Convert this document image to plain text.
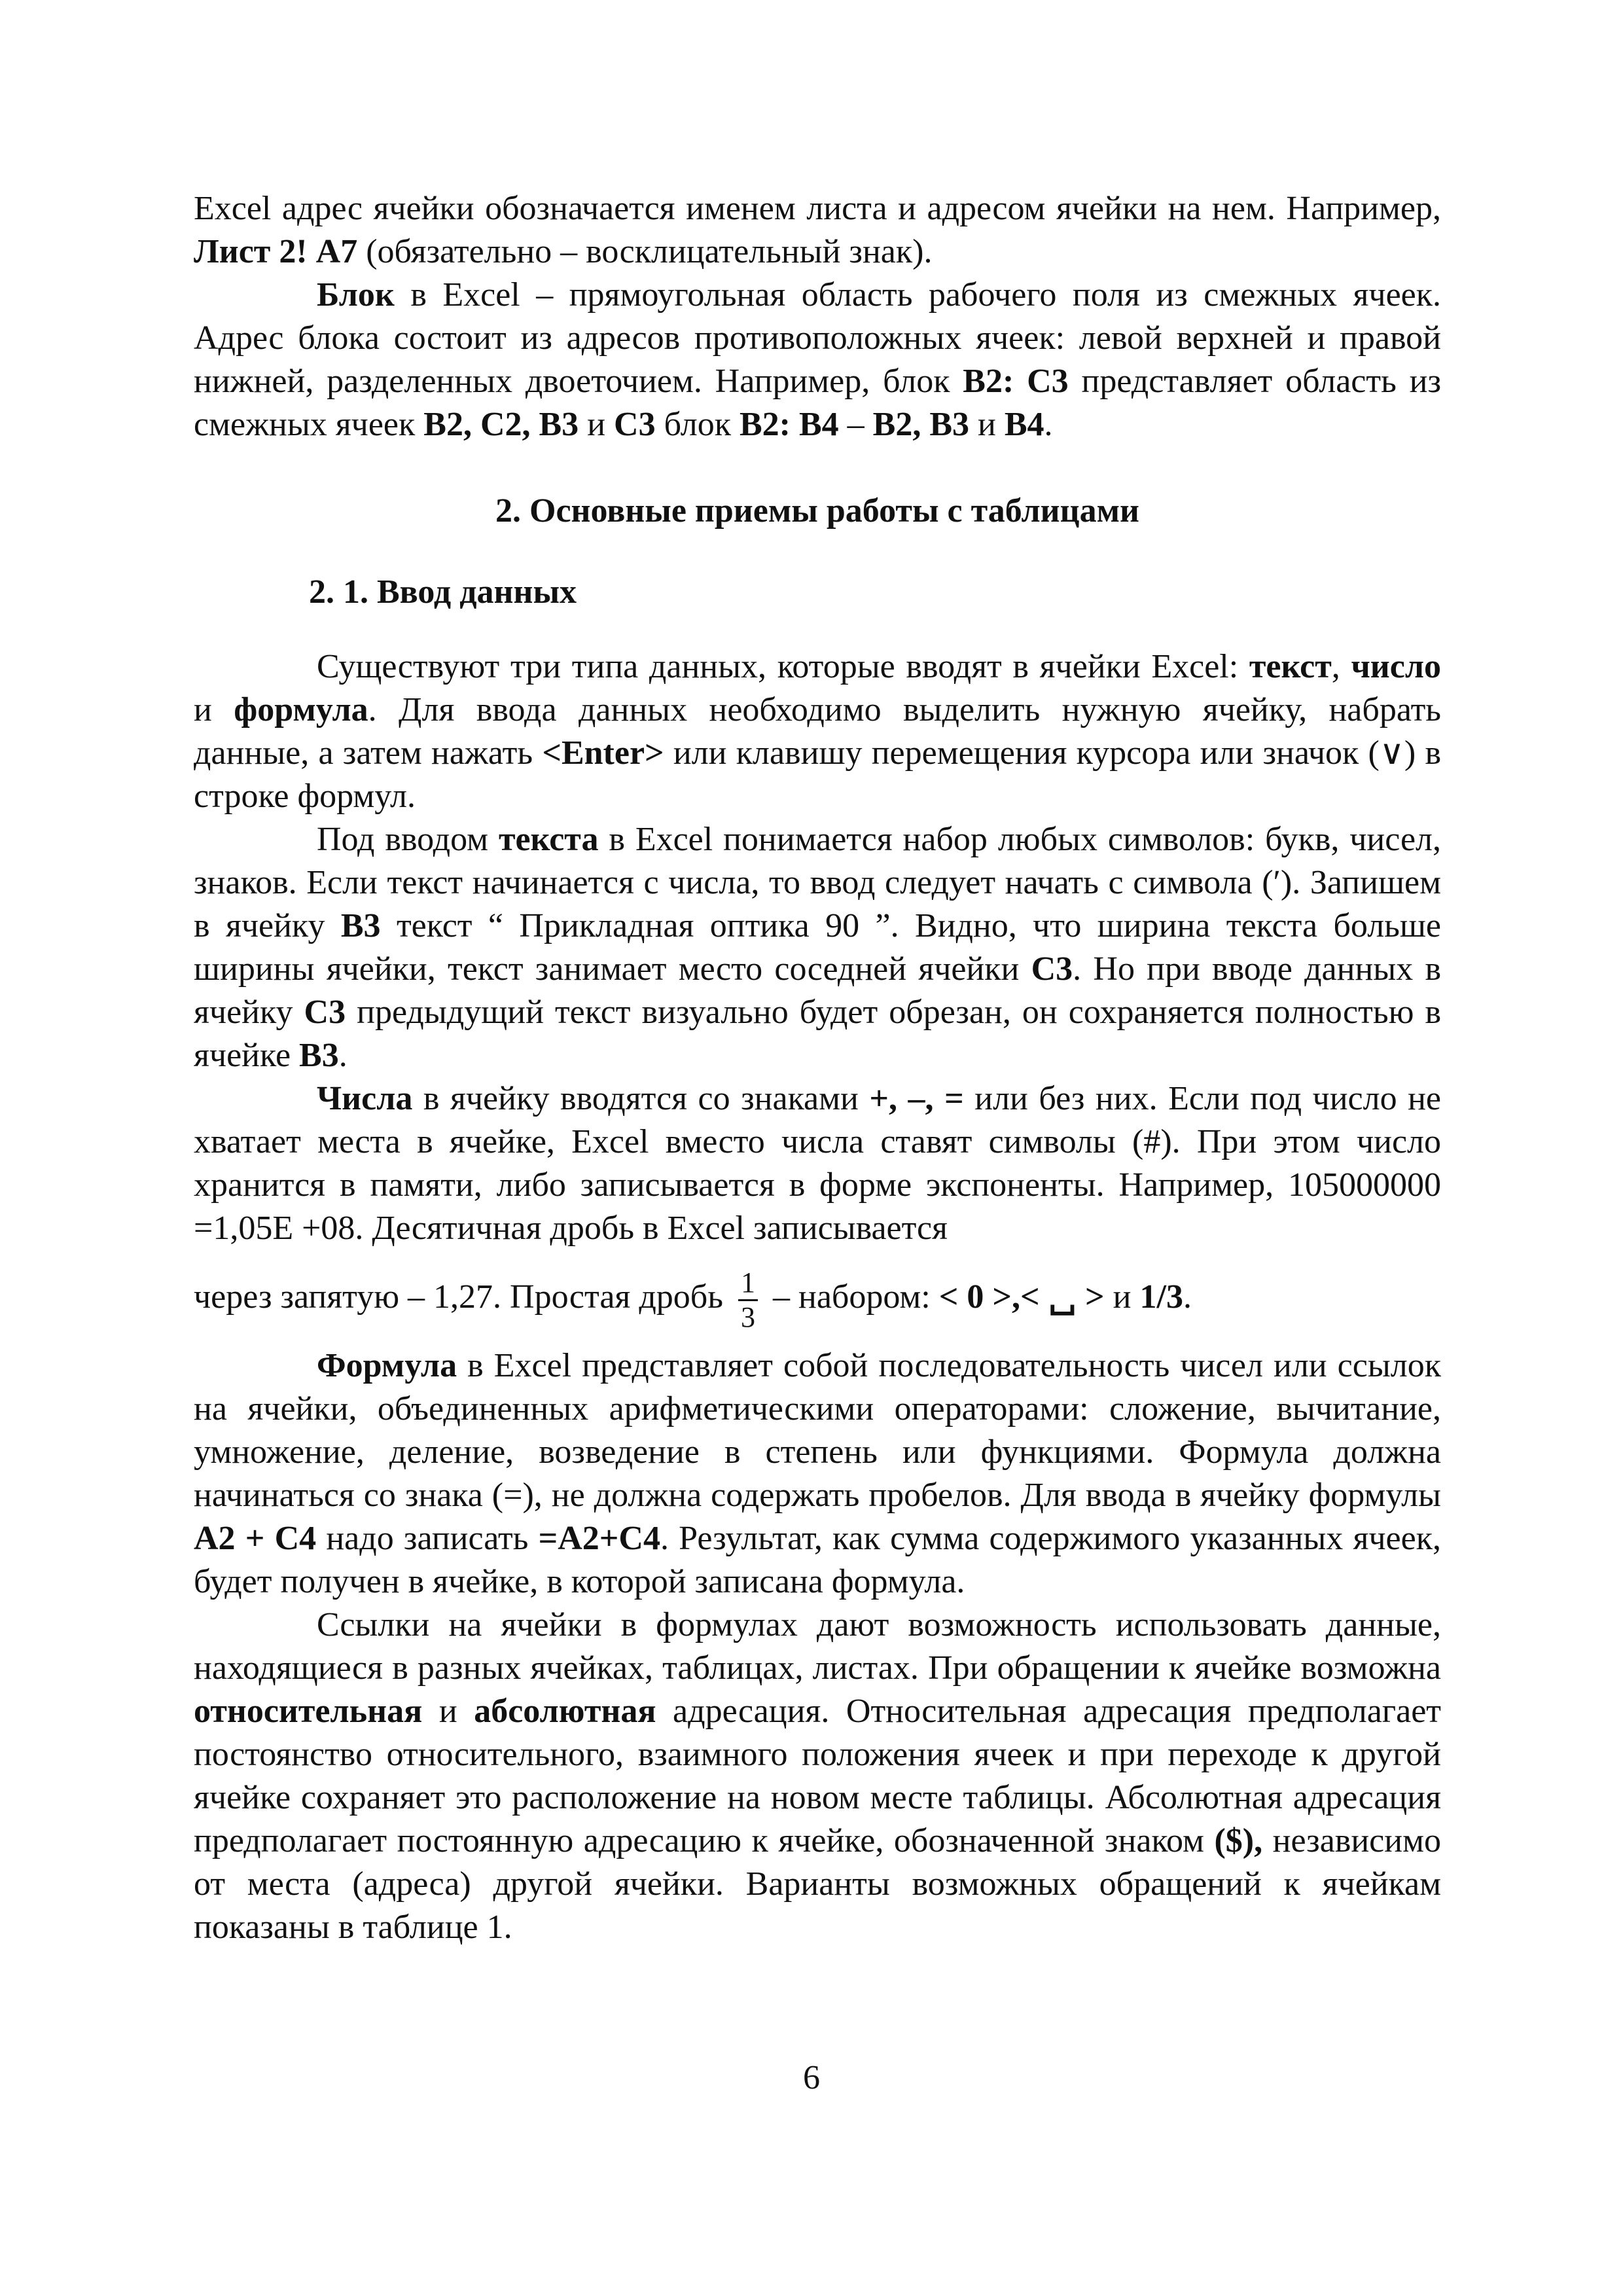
Excel адрес ячейки обозначается именем листа и адресом ячейки на нем. Например, Лист 2! А7 (обязательно – восклицательный знак).

Блок в Excel – прямоугольная область рабочего поля из смежных ячеек. Адрес блока состоит из адресов противоположных ячеек: левой верхней и правой нижней, разделенных двоеточием. Например, блок В2: С3 представляет область из смежных ячеек В2, С2, В3 и С3 блок В2: В4 – В2, В3 и В4.

2. Основные приемы работы с таблицами
2. 1. Ввод данных

Существуют три типа данных, которые вводят в ячейки Excel: текст, число и формула. Для ввода данных необходимо выделить нужную ячейку, набрать данные, а затем нажать <Enter> или клавишу перемещения курсора или значок (∨) в строке формул.

Под вводом текста в Excel понимается набор любых символов: букв, чисел, знаков. Если текст начинается с числа, то ввод следует начать с символа (′). Запишем в ячейку В3 текст “ Прикладная оптика 90 ”. Видно, что ширина текста больше ширины ячейки, текст занимает место соседней ячейки С3. Но при вводе данных в ячейку С3 предыдущий текст визуально будет обрезан, он сохраняется полностью в ячейке В3.

Числа в ячейку вводятся со знаками +, –, = или без них. Если под число не хватает места в ячейке, Excel вместо числа ставят символы (#). При этом число хранится в памяти, либо записывается в форме экспоненты. Например, 105000000 =1,05Е +08. Десятичная дробь в Excel записывается

через запятую – 1,27. Простая дробь $\frac{1}{3}$ – набором: < 0 >,< ␣ > и 1/3.

Формула в Excel представляет собой последовательность чисел или ссылок на ячейки, объединенных арифметическими операторами: сложение, вычитание, умножение, деление, возведение в степень или функциями. Формула должна начинаться со знака (=), не должна содержать пробелов. Для ввода в ячейку формулы А2 + С4 надо записать =А2+С4. Результат, как сумма содержимого указанных ячеек, будет получен в ячейке, в которой записана формула.

Ссылки на ячейки в формулах дают возможность использовать данные, находящиеся в разных ячейках, таблицах, листах. При обращении к ячейке возможна относительная и абсолютная адресация. Относительная адресация предполагает постоянство относительного, взаимного положения ячеек и при переходе к другой ячейке сохраняет это расположение на новом месте таблицы. Абсолютная адресация предполагает постоянную адресацию к ячейке, обозначенной знаком ($), независимо от места (адреса) другой ячейки. Варианты возможных обращений к ячейкам показаны в таблице 1.

6
